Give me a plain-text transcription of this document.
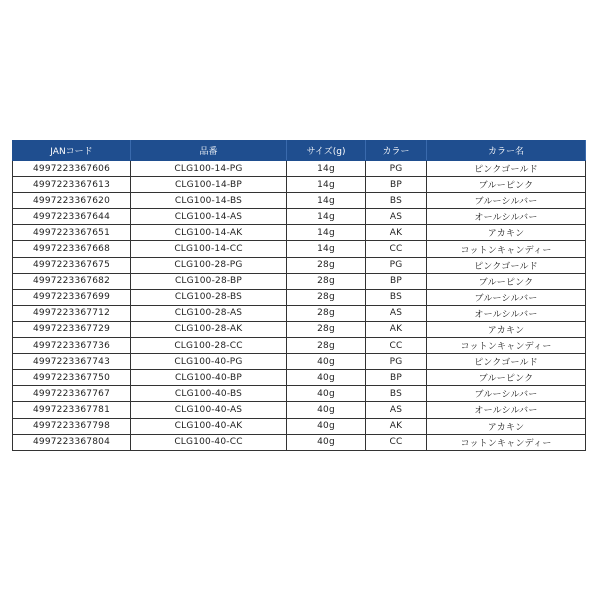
JANコード	品番	サイズ(g)	カラー	カラー名
4997223367606	CLG100-14-PG	14g	PG	ピンクゴールド
4997223367613	CLG100-14-BP	14g	BP	ブルーピンク
4997223367620	CLG100-14-BS	14g	BS	ブルーシルバー
4997223367644	CLG100-14-AS	14g	AS	オールシルバー
4997223367651	CLG100-14-AK	14g	AK	アカキン
4997223367668	CLG100-14-CC	14g	CC	コットンキャンディー
4997223367675	CLG100-28-PG	28g	PG	ピンクゴールド
4997223367682	CLG100-28-BP	28g	BP	ブルーピンク
4997223367699	CLG100-28-BS	28g	BS	ブルーシルバー
4997223367712	CLG100-28-AS	28g	AS	オールシルバー
4997223367729	CLG100-28-AK	28g	AK	アカキン
4997223367736	CLG100-28-CC	28g	CC	コットンキャンディー
4997223367743	CLG100-40-PG	40g	PG	ピンクゴールド
4997223367750	CLG100-40-BP	40g	BP	ブルーピンク
4997223367767	CLG100-40-BS	40g	BS	ブルーシルバー
4997223367781	CLG100-40-AS	40g	AS	オールシルバー
4997223367798	CLG100-40-AK	40g	AK	アカキン
4997223367804	CLG100-40-CC	40g	CC	コットンキャンディー
